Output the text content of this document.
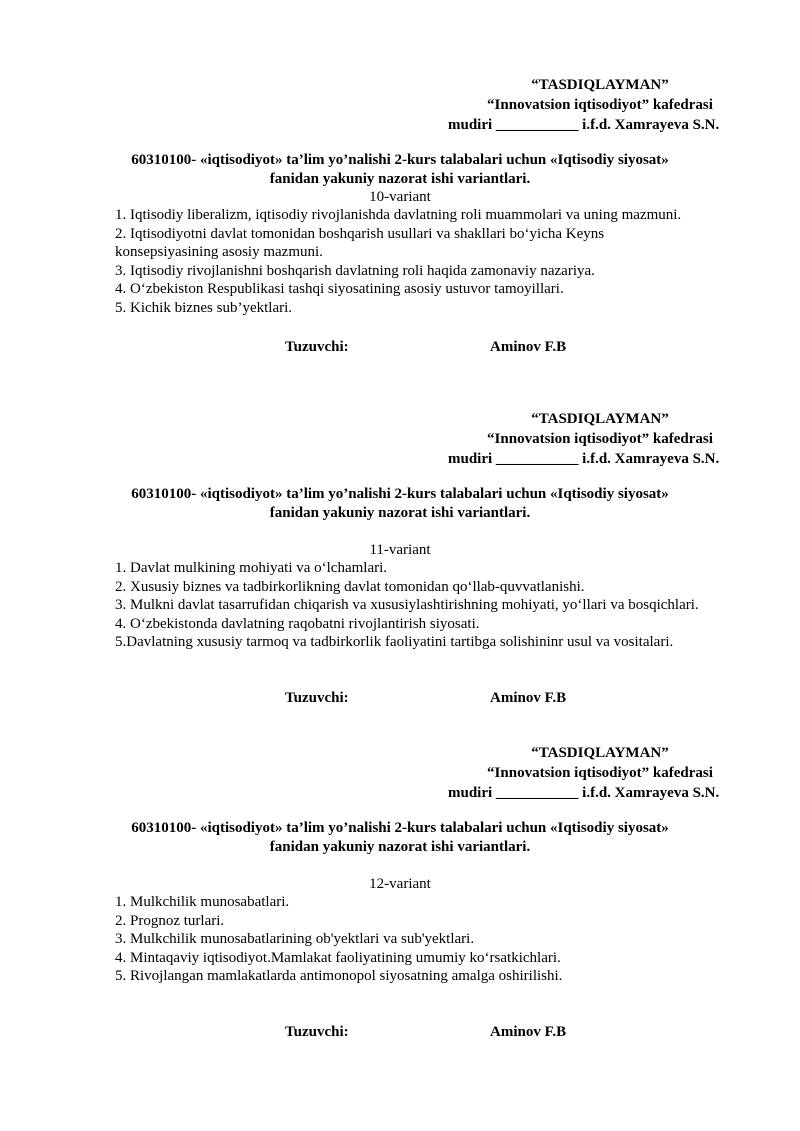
“TASDIQLAYMAN”
“Innovatsion iqtisodiyot” kafedrasi
mudiri ___________ i.f.d. Xamrayeva S.N.
60310100- «iqtisodiyot» ta’lim yo’nalishi 2-kurs talabalari uchun «Iqtisodiy siyosat»
fanidan yakuniy nazorat ishi variantlari.
10-variant
1. Iqtisodiy liberalizm, iqtisodiy rivojlanishda davlatning roli muammolari va uning mazmuni.
2. Iqtisodiyotni davlat tomonidan boshqarish usullari va shakllari bo‘yicha Keyns konsepsiyasining asosiy mazmuni.
3. Iqtisodiy rivojlanishni boshqarish davlatning roli haqida zamonaviy nazariya.
4. O‘zbekiston Respublikasi tashqi siyosatining asosiy ustuvor tamoyillari.
5. Kichik biznes sub’yektlari.
Tuzuvchi:	Aminov F.B
“TASDIQLAYMAN”
“Innovatsion iqtisodiyot” kafedrasi
mudiri ___________ i.f.d. Xamrayeva S.N.
60310100- «iqtisodiyot» ta’lim yo’nalishi 2-kurs talabalari uchun «Iqtisodiy siyosat»
fanidan yakuniy nazorat ishi variantlari.
11-variant
1. Davlat mulkining mohiyati va o‘lchamlari.
2. Xususiy biznes va tadbirkorlikning davlat tomonidan qo‘llab-quvvatlanishi.
3. Mulkni davlat tasarrufidan chiqarish va xususiylashtirishning mohiyati, yo‘llari va bosqichlari.
4. O‘zbekistonda davlatning raqobatni rivojlantirish siyosati.
5.Davlatning xususiy tarmoq va tadbirkorlik faoliyatini tartibga solishininr usul va vositalari.
Tuzuvchi:	Aminov F.B
“TASDIQLAYMAN”
“Innovatsion iqtisodiyot” kafedrasi
mudiri ___________ i.f.d. Xamrayeva S.N.
60310100- «iqtisodiyot» ta’lim yo’nalishi 2-kurs talabalari uchun «Iqtisodiy siyosat»
fanidan yakuniy nazorat ishi variantlari.
12-variant
1. Mulkchilik munosabatlari.
2. Prognoz turlari.
3. Mulkchilik munosabatlarining ob'yektlari va sub'yektlari.
4. Mintaqaviy iqtisodiyot.Mamlakat faoliyatining umumiy ko‘rsatkichlari.
5. Rivojlangan mamlakatlarda antimonopol siyosatning amalga oshirilishi.
Tuzuvchi:	Aminov F.B
